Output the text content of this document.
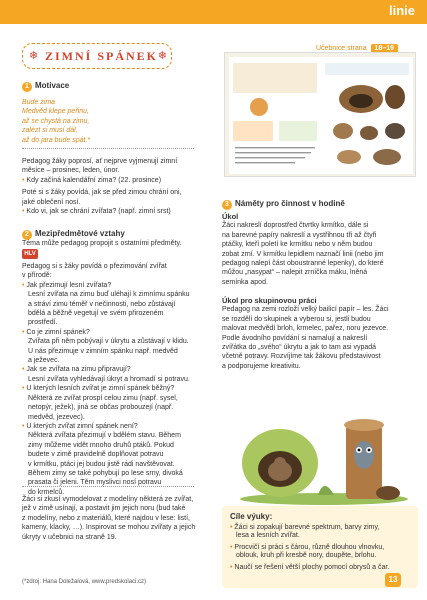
linie
Učebnice strana 18–19
❄ ZIMNÍ SPÁNEK ❄
1 Motivace
Bude zima
Medvěd klepe peřinu,
až se chystá na zimu,
zalézt si musí dál,
až do jara bude spát.*
Pedagog žáky poprosí, ať nejprve vyjmenují zimní
měsíce – prosinec, leden, únor.
• Kdy začíná kalendářní zima? (22. prosince)
Poté si s žáky povídá, jak se před zimou chrání oni,
jaké oblečení nosí.
• Kdo vi, jak se chrání zvířata? (např. zimní srst)
2 Mezipředmětové vztahy
Téma může pedagog propojit s ostatními předměty.
HLV
Pedagog si s žáky povídá o přezimování zvířat
v přírodě:
• Jak přezimují lesní zvířata?
Lesní zvířata na zimu buď uléhají k zimnímu spánku
a stráví zimu téměř v nečinnosti, nebo zůstávají
bdělá a běžně vegetují ve svém přirozeném
prostředí.
• Co je zimní spánek?
Zvířata při něm pobývají v úkrytu a zůstávají v klidu.
U nás přezimuje v zimním spánku např. medvěd
a ježevec.
• Jak se zvířata na zimu připravují?
Lesní zvířata vyhledávají úkryt a hromadí si potravu.
• U kterých lesních zvířat je zimní spánek běžný?
Některá ze zvířat prospí celou zimu (např. sysel,
netopýr, ježek), jiná se občas probouzejí (např.
medvěd, jezevec).
• U kterých zvířat zimní spánek není?
Některá zvířata přezimují v bdělém stavu. Během
zimy můžeme vidět mnoho druhů ptáků. Pokud
budete v zimě pravidelně doplňovat potravu
v krmítku, ptáci jej budou jistě rádi navštěvovat.
Během zimy se také pohybují po lese srny, divoká
prasata či jeleni. Těm myslivci nosí potravu
do krmelců.
Žáci si zkusí vymodelovat z modelíny některá ze zvířat,
jež v zimě usínají, a postavit jim jejich noru (bud také
z modelíny, nebo z materiálů, které najdou v lese: listí,
kameny, klacky, …). Inspirovat se mohou zvířaty a jejich
úkryty v učebnici na straně 19.
(*zdroj: Hana Doležalová, www.predskolaci.cz)
3 Náměty pro činnost v hodině
Úkol
Žáci nakreslí doprostřed čtvrtky krmítko, dále si
na barevné papíry nakreslí a vystřihnou tři až čtyři
ptáčky, kteří poletí ke krmítku nebo v něm budou
zobat zrní. V krmítku lepidlem naznačí linii (nebo jim
pedagog nalepí část oboustranné lepenky), do které
můžou „nasypat“ – nalepit zrníčka máku, lněná
semínka apod.
Úkol pro skupinovou práci
Pedagog na zemi rozloží velký bailicí papír – les. Žáci
se rozdělí do skupinek a vyberou si, jestli budou
malovat medvědí brloh, krmelec, pařez, noru jezevce.
Podle ávodního povídání si namalují a nakreslí
zvířátka do „svého“ úkrytu a jak to tam asi vypadá
včetně potravy. Rozvíjíme tak žákovu představivost
a podporujeme kreativitu.
Cíle výuky:
• Žáci si zopakují barevné spektrum, barvy zimy,
lesa a lesních zvířat.
• Procvičí si práci s čárou, různě dlouhou vlnovku,
oblouk, kruh při kresbě nory, doupěte, brlohu.
• Naučí se řešení větší plochy pomocí obrysů a čar.
13
